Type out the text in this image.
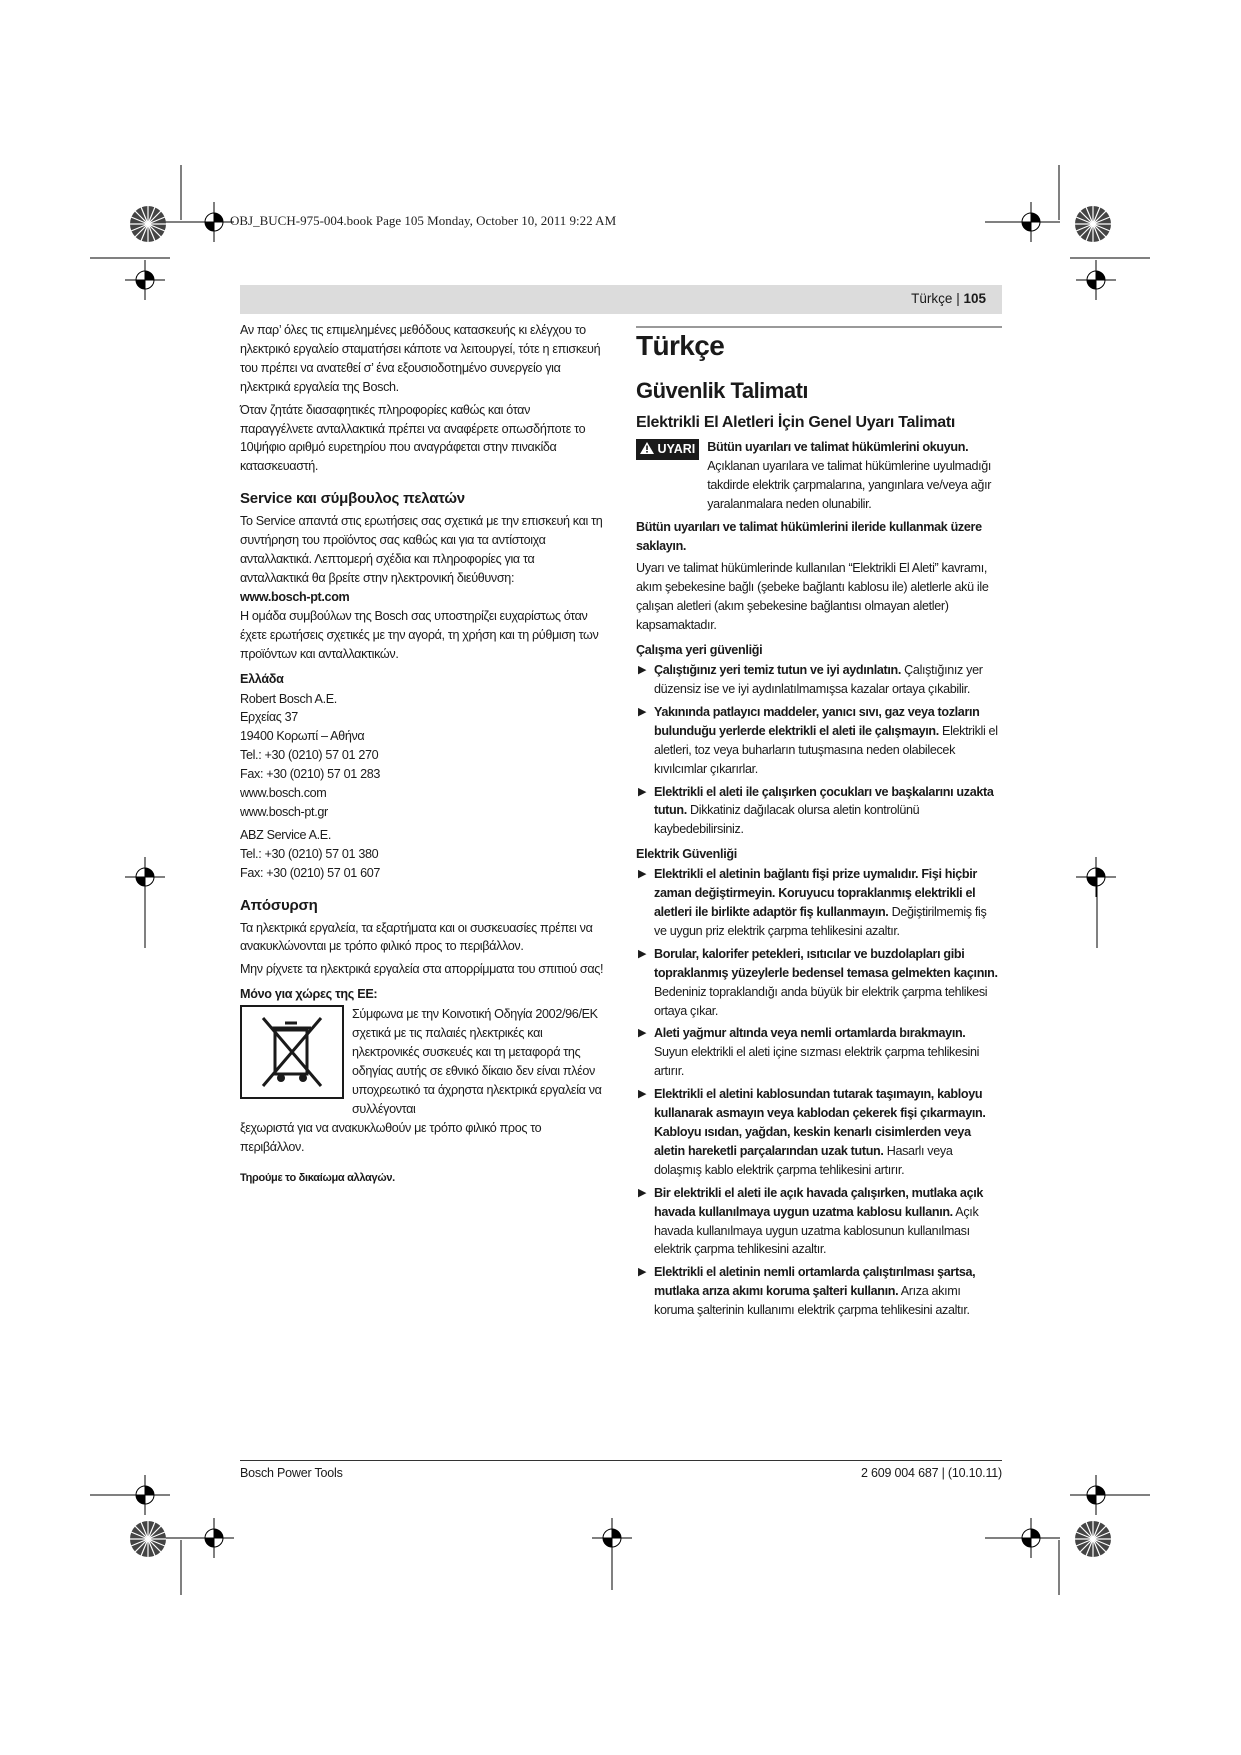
OBJ_BUCH-975-004.book Page 105 Monday, October 10, 2011 9:22 AM
Türkçe | 105

Αν παρ’ όλες τις επιμελημένες μεθόδους κατασκευής κι ελέγχου το ηλεκτρικό εργαλείο σταματήσει κάποτε να λειτουργεί, τότε η επισκευή του πρέπει να ανατεθεί σ’ ένα εξουσιοδοτημένο συνεργείο για ηλεκτρικά εργαλεία της Bosch.

Όταν ζητάτε διασαφητικές πληροφορίες καθώς και όταν παραγγέλνετε ανταλλακτικά πρέπει να αναφέρετε οπωσδήποτε το 10ψήφιο αριθμό ευρετηρίου που αναγράφεται στην πινακίδα κατασκευαστή.

Service και σύμβουλος πελατών

Το Service απαντά στις ερωτήσεις σας σχετικά με την επισκευή και τη συντήρηση του προϊόντος σας καθώς και για τα αντίστοιχα ανταλλακτικά. Λεπτομερή σχέδια και πληροφορίες για τα ανταλλακτικά θα βρείτε στην ηλεκτρονική διεύθυνση:

www.bosch-pt.com

Η ομάδα συμβούλων της Bosch σας υποστηρίζει ευχαρίστως όταν έχετε ερωτήσεις σχετικές με την αγορά, τη χρήση και τη ρύθμιση των προϊόντων και ανταλλακτικών.

Ελλάδα

Robert Bosch A.E.

Ερχείας 37

19400 Κορωπί – Αθήνα

Tel.: +30 (0210) 57 01 270

Fax: +30 (0210) 57 01 283

www.bosch.com

www.bosch-pt.gr

ABZ Service A.E.

Tel.: +30 (0210) 57 01 380

Fax: +30 (0210) 57 01 607

Απόσυρση

Τα ηλεκτρικά εργαλεία, τα εξαρτήματα και οι συσκευασίες πρέπει να ανακυκλώνονται με τρόπο φιλικό προς το περιβάλλον.

Μην ρίχνετε τα ηλεκτρικά εργαλεία στα απορρίμματα του σπιτιού σας!

Μόνο για χώρες της ΕΕ:

Σύμφωνα με την Κοινοτική Οδηγία 2002/96/ΕΚ σχετικά με τις παλαιές ηλεκτρικές και ηλεκτρονικές συσκευές και τη μεταφορά της οδηγίας αυτής σε εθνικό δίκαιο δεν είναι πλέον υποχρεωτικό τα άχρηστα ηλεκτρικά εργαλεία να συλλέγονται

ξεχωριστά για να ανακυκλωθούν με τρόπο φιλικό προς το περιβάλλον.

Τηρούμε το δικαίωμα αλλαγών.

Türkçe
Güvenlik Talimatı
Elektrikli El Aletleri İçin Genel Uyarı Talimatı
UYARI Bütün uyarıları ve talimat hükümlerini okuyun. Açıklanan uyarılara ve talimat hükümlerine uyulmadığı takdirde elektrik çarpmalarına, yangınlara ve/veya ağır yaralanmalara neden olunabilir.

Bütün uyarıları ve talimat hükümlerini ileride kullanmak üzere saklayın.

Uyarı ve talimat hükümlerinde kullanılan “Elektrikli El Aleti” kavramı, akım şebekesine bağlı (şebeke bağlantı kablosu ile) aletlerle akü ile çalışan aletleri (akım şebekesine bağlantısı olmayan aletler) kapsamaktadır.

Çalışma yeri güvenliği
▶ Çalıştığınız yeri temiz tutun ve iyi aydınlatın. Çalıştığınız yer düzensiz ise ve iyi aydınlatılmamışsa kazalar ortaya çıkabilir.
▶ Yakınında patlayıcı maddeler, yanıcı sıvı, gaz veya tozların bulunduğu yerlerde elektrikli el aleti ile çalışmayın. Elektrikli el aletleri, toz veya buharların tutuşmasına neden olabilecek kıvılcımlar çıkarırlar.
▶ Elektrikli el aleti ile çalışırken çocukları ve başkalarını uzakta tutun. Dikkatiniz dağılacak olursa aletin kontrolünü kaybedebilirsiniz.
Elektrik Güvenliği
▶ Elektrikli el aletinin bağlantı fişi prize uymalıdır. Fişi hiçbir zaman değiştirmeyin. Koruyucu topraklanmış elektrikli el aletleri ile birlikte adaptör fiş kullanmayın. Değiştirilmemiş fiş ve uygun priz elektrik çarpma tehlikesini azaltır.
▶ Borular, kalorifer petekleri, ısıtıcılar ve buzdolapları gibi topraklanmış yüzeylerle bedensel temasa gelmekten kaçının. Bedeniniz topraklandığı anda büyük bir elektrik çarpma tehlikesi ortaya çıkar.
▶ Aleti yağmur altında veya nemli ortamlarda bırakmayın. Suyun elektrikli el aleti içine sızması elektrik çarpma tehlikesini artırır.
▶ Elektrikli el aletini kablosundan tutarak taşımayın, kabloyu kullanarak asmayın veya kablodan çekerek fişi çıkarmayın. Kabloyu ısıdan, yağdan, keskin kenarlı cisimlerden veya aletin hareketli parçalarından uzak tutun. Hasarlı veya dolaşmış kablo elektrik çarpma tehlikesini artırır.
▶ Bir elektrikli el aleti ile açık havada çalışırken, mutlaka açık havada kullanılmaya uygun uzatma kablosu kullanın. Açık havada kullanılmaya uygun uzatma kablosunun kullanılması elektrik çarpma tehlikesini azaltır.
▶ Elektrikli el aletinin nemli ortamlarda çalıştırılması şartsa, mutlaka arıza akımı koruma şalteri kullanın. Arıza akımı koruma şalterinin kullanımı elektrik çarpma tehlikesini azaltır.
Bosch Power Tools	2 609 004 687 | (10.10.11)
